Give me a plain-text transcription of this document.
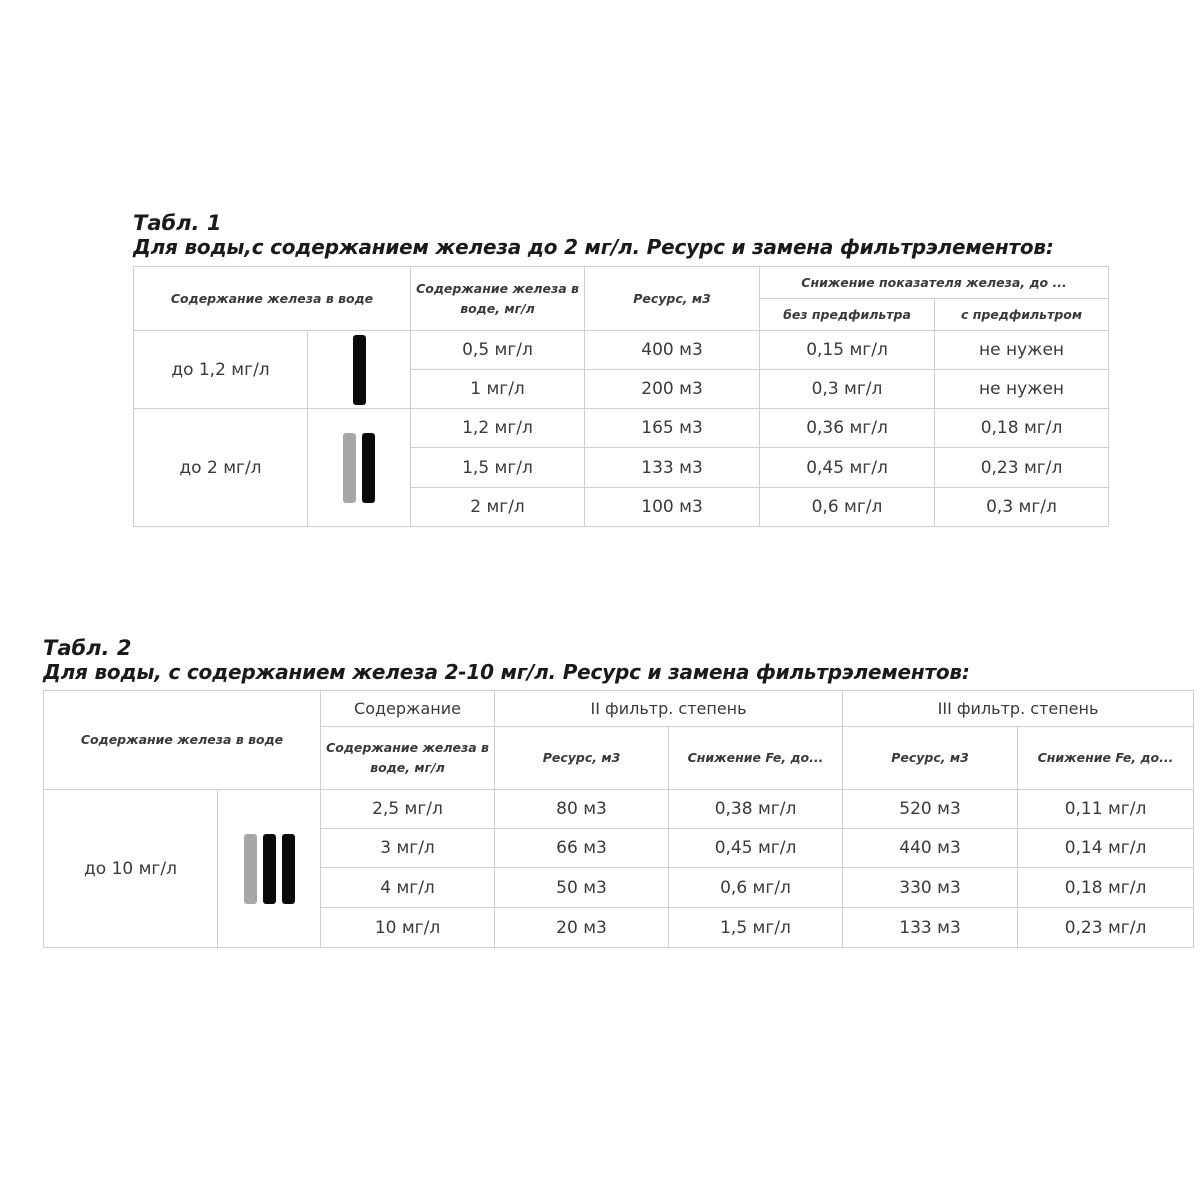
Табл. 1

Для воды,с содержанием железа до 2 мг/л. Ресурс и замена фильтрэлементов:

Содержание железа в воде		Содержание железа в воде, мг/л	Ресурс, м3	Снижение показателя железа, до ...	
				без предфильтра	с предфильтром
до 1,2 мг/л		0,5 мг/л	400 м3	0,15 мг/л	не нужен
		1 мг/л	200 м3	0,3 мг/л	не нужен
до 2 мг/л		1,2 мг/л	165 м3	0,36 мг/л	0,18 мг/л
		1,5 мг/л	133 м3	0,45 мг/л	0,23 мг/л
		2 мг/л	100 м3	0,6 мг/л	0,3 мг/л

Табл. 2

Для воды, с содержанием железа 2-10 мг/л. Ресурс и замена фильтрэлементов:

Содержание железа в воде		Содержание	II фильтр. степень		III фильтр. степень	
		Содержание железа в воде, мг/л	Ресурс, м3	Снижение Fe, до...	Ресурс, м3	Снижение Fe, до...
до 10 мг/л		2,5 мг/л	80 м3	0,38 мг/л	520 м3	0,11 мг/л
		3 мг/л	66 м3	0,45 мг/л	440 м3	0,14 мг/л
		4 мг/л	50 м3	0,6 мг/л	330 м3	0,18 мг/л
		10 мг/л	20 м3	1,5 мг/л	133 м3	0,23 мг/л
